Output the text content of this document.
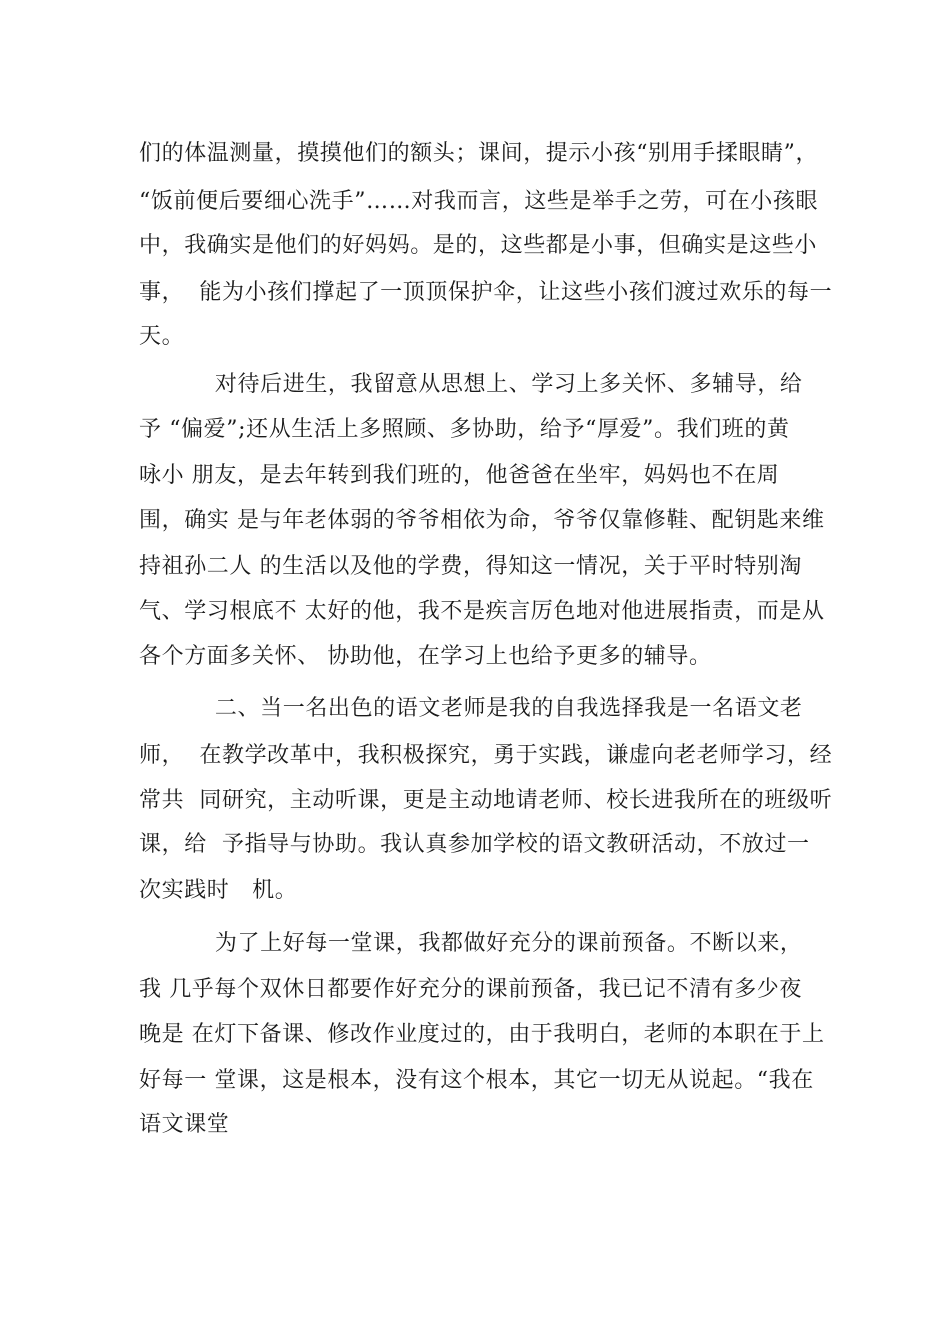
们的体温测量，摸摸他们的额头；课间，提示小孩“别用手揉眼睛”，

“饭前便后要细心洗手”……对我而言，这些是举手之劳，可在小孩眼

中，我确实是他们的好妈妈。是的，这些都是小事，但确实是这些小

事，  能为小孩们撑起了一顶顶保护伞，让这些小孩们渡过欢乐的每一

天。

对待后进生，我留意从思想上、学习上多关怀、多辅导，给

予 “偏爱”;还从生活上多照顾、多协助，给予“厚爱”。我们班的黄

咏小 朋友，是去年转到我们班的，他爸爸在坐牢，妈妈也不在周

围，确实 是与年老体弱的爷爷相依为命，爷爷仅靠修鞋、配钥匙来维

持祖孙二人 的生活以及他的学费，得知这一情况，关于平时特别淘

气、学习根底不 太好的他，我不是疾言厉色地对他进展指责，而是从

各个方面多关怀、 协助他，在学习上也给予更多的辅导。

二、当一名出色的语文老师是我的自我选择我是一名语文老

师，  在教学改革中，我积极探究，勇于实践，谦虚向老老师学习，经

常共  同研究，主动听课，更是主动地请老师、校长进我所在的班级听

课，给  予指导与协助。我认真参加学校的语文教研活动，不放过一

次实践时   机。

为了上好每一堂课，我都做好充分的课前预备。不断以来，

我 几乎每个双休日都要作好充分的课前预备，我已记不清有多少夜

晚是 在灯下备课、修改作业度过的，由于我明白，老师的本职在于上

好每一 堂课，这是根本，没有这个根本，其它一切无从说起。“我在

语文课堂
